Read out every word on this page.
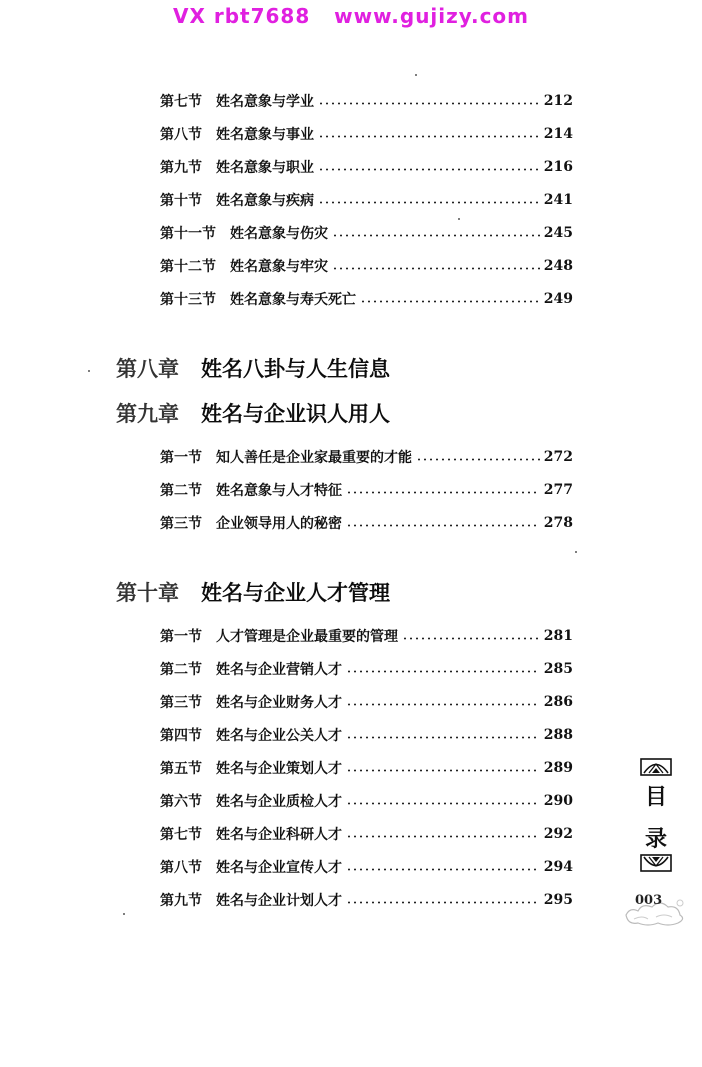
VX rbt7688   www.gujizy.com
第七节 姓名意象与学业	212
第八节 姓名意象与事业	214
第九节 姓名意象与职业	216
第十节 姓名意象与疾病	241
第十一节 姓名意象与伤灾	245
第十二节 姓名意象与牢灾	248
第十三节 姓名意象与寿夭死亡	249
第八章 姓名八卦与人生信息
第九章 姓名与企业识人用人
第一节 知人善任是企业家最重要的才能	272
第二节 姓名意象与人才特征	277
第三节 企业领导用人的秘密	278
第十章 姓名与企业人才管理
第一节 人才管理是企业最重要的管理	281
第二节 姓名与企业营销人才	285
第三节 姓名与企业财务人才	286
第四节 姓名与企业公关人才	288
第五节 姓名与企业策划人才	289
第六节 姓名与企业质检人才	290
第七节 姓名与企业科研人才	292
第八节 姓名与企业宣传人才	294
第九节 姓名与企业计划人才	295
目
录
003
